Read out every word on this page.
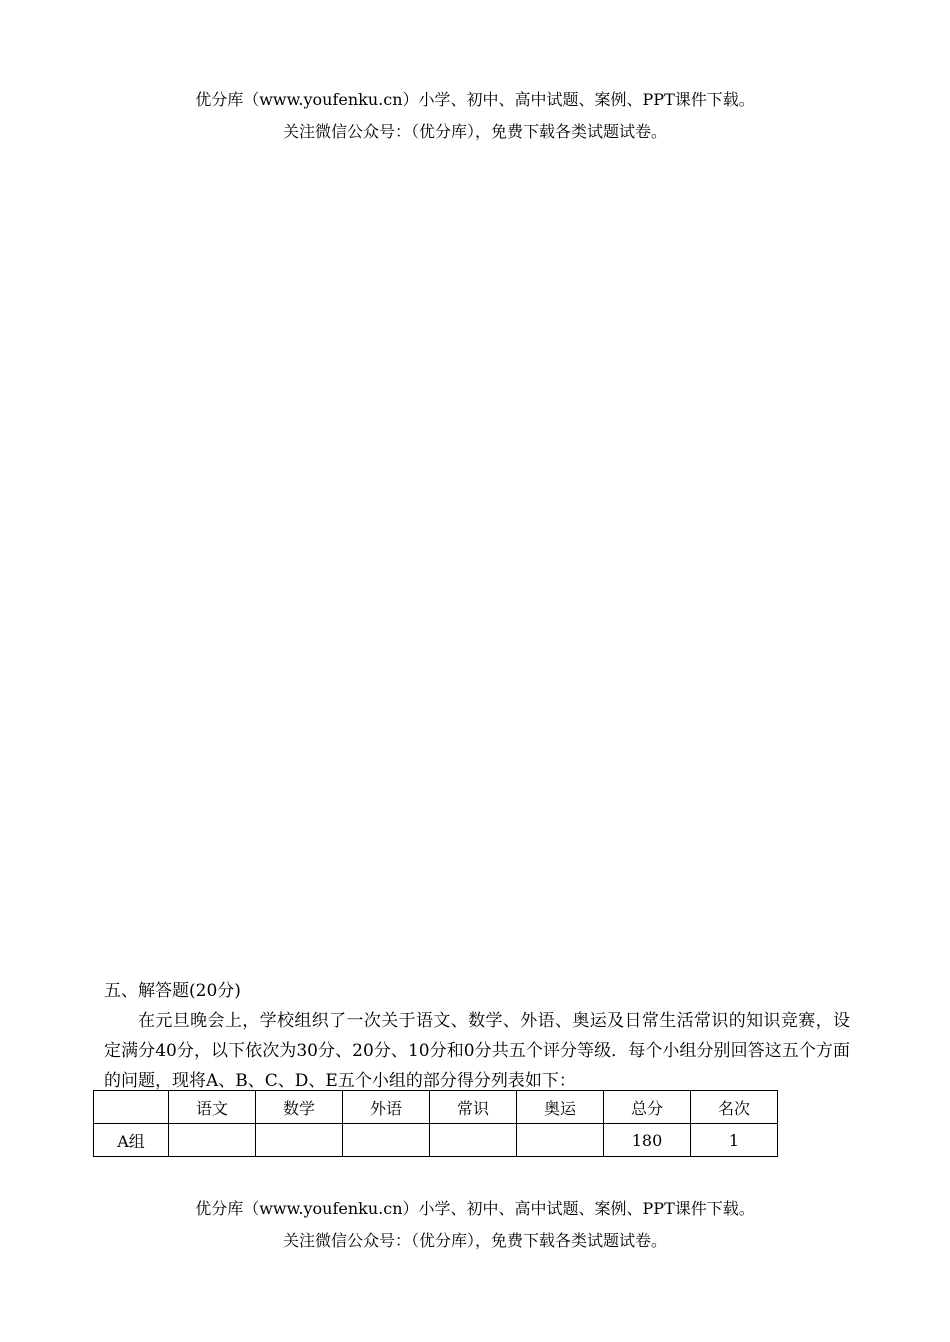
优分库（www.youfenku.cn）小学、初中、高中试题、案例、PPT课件下载。
关注微信公众号：（优分库），免费下载各类试题试卷。
五、解答题(20分)

在元旦晚会上，学校组织了一次关于语文、数学、外语、奥运及日常生活常识的知识竞赛，设定满分40分，以下依次为30分、20分、10分和0分共五个评分等级．每个小组分别回答这五个方面的问题，现将A、B、C、D、E五个小组的部分得分列表如下：

	语文	数学	外语	常识	奥运	总分	名次
A组						180	1
优分库（www.youfenku.cn）小学、初中、高中试题、案例、PPT课件下载。
关注微信公众号：（优分库），免费下载各类试题试卷。
